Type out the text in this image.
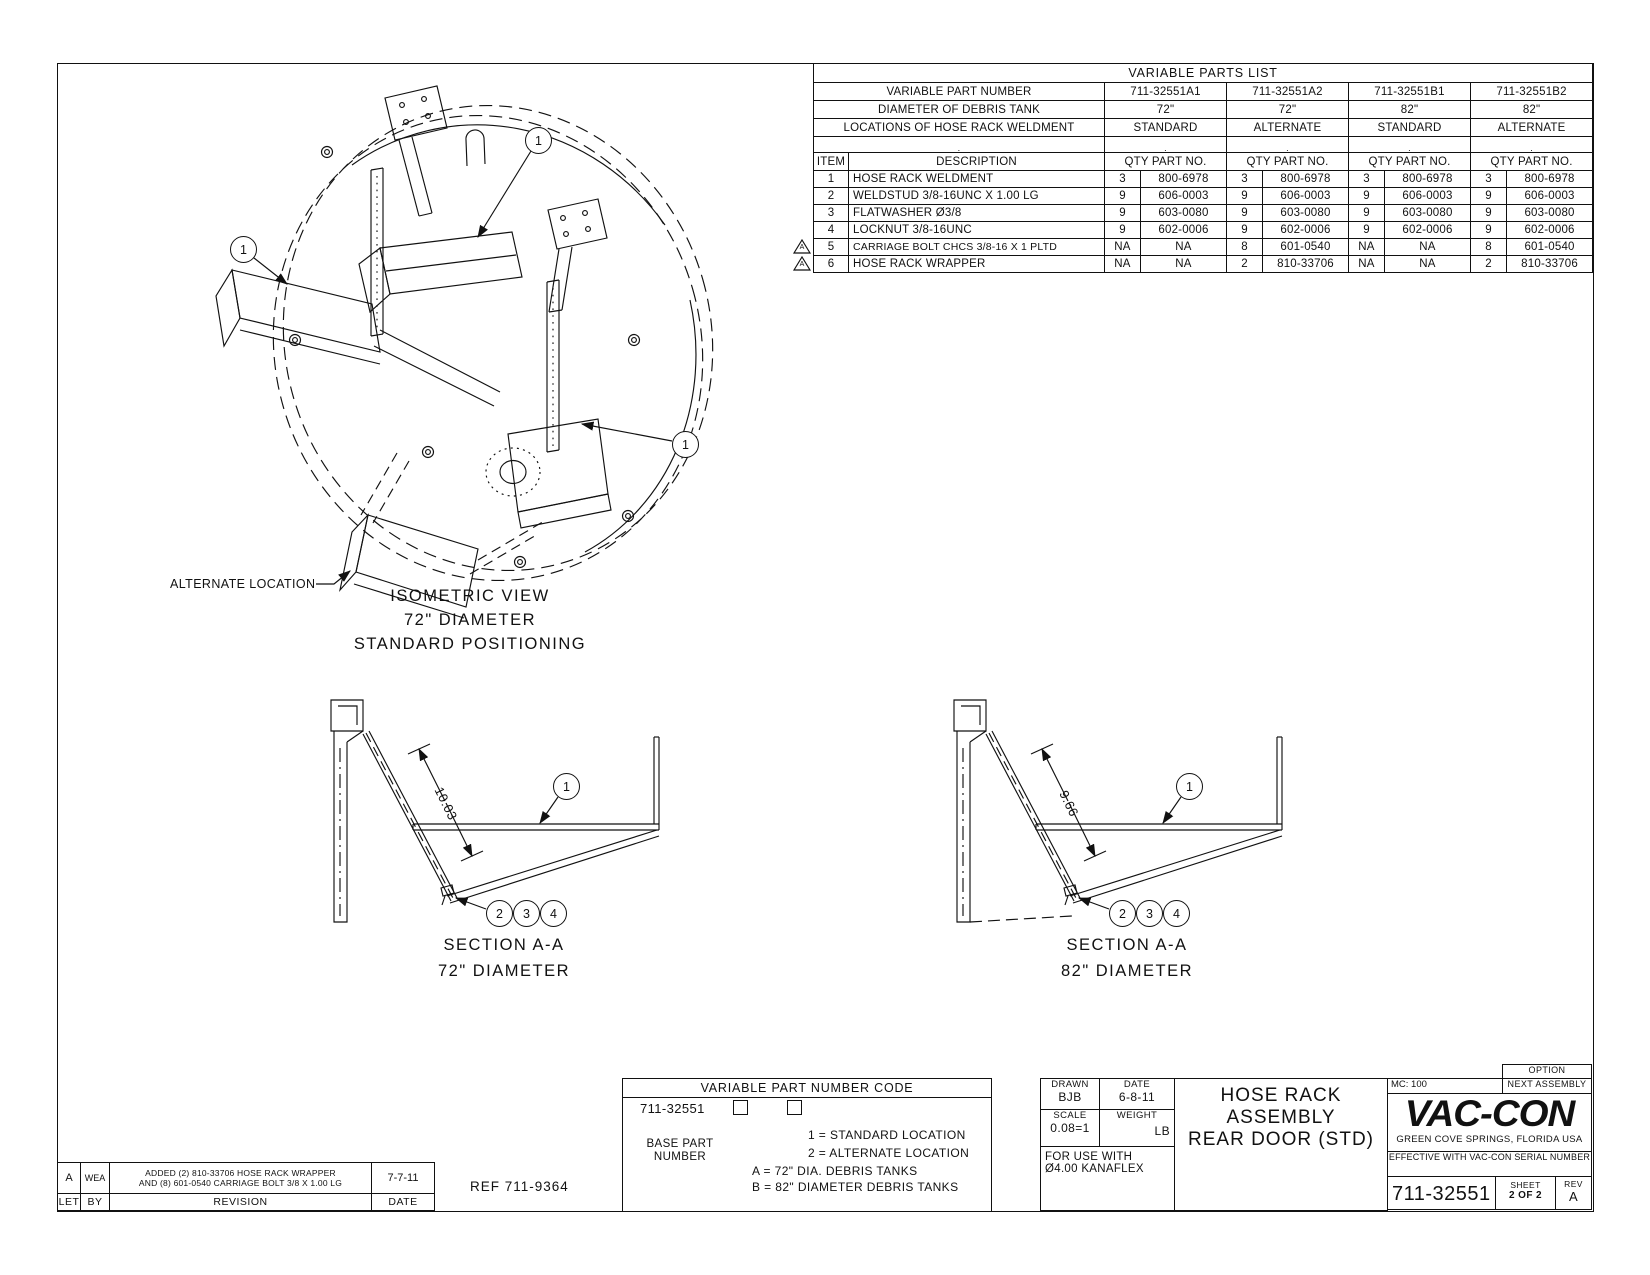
VARIABLE PARTS LIST									
VARIABLE PART NUMBER		711-32551A1		711-32551A2		711-32551B1		711-32551B2	
DIAMETER OF DEBRIS TANK		72"		72"		82"		82"	
LOCATIONS OF HOSE RACK WELDMENT		STANDARD		ALTERNATE		STANDARD		ALTERNATE	
.		.		.		.		.	
ITEM	DESCRIPTION	QTY PART NO.		QTY PART NO.		QTY PART NO.		QTY PART NO.	
1	HOSE RACK WELDMENT	3	800-6978	3	800-6978	3	800-6978	3	800-6978
2	WELDSTUD 3/8-16UNC X 1.00 LG	9	606-0003	9	606-0003	9	606-0003	9	606-0003
3	FLATWASHER Ø3/8	9	603-0080	9	603-0080	9	603-0080	9	603-0080
4	LOCKNUT 3/8-16UNC	9	602-0006	9	602-0006	9	602-0006	9	602-0006
5	CARRIAGE BOLT CHCS 3/8-16 X 1 PLTD	NA	NA	8	601-0540	NA	NA	8	601-0540
6	HOSE RACK WRAPPER	NA	NA	2	810-33706	NA	NA	2	810-33706
A
A
1
1
1
ALTERNATE LOCATION
ISOMETRIC VIEW
72" DIAMETER
STANDARD POSITIONING
10.03	1
2	3	4
SECTION A-A
72" DIAMETER
9.66
1
2	3	4
SECTION A-A
82" DIAMETER
A	WEA	ADDED (2) 810-33706 HOSE RACK WRAPPER
AND (8) 601-0540 CARRIAGE BOLT 3/8 X 1.00 LG	7-7-11
LET	BY	REVISION	DATE
REF 711-9364
VARIABLE PART NUMBER CODE
711-32551
BASE PART
NUMBER
1 = STANDARD LOCATION
2 = ALTERNATE LOCATION
A = 72" DIA. DEBRIS TANKS
B = 82" DIAMETER DEBRIS TANKS
DRAWN
BJB
DATE
6-8-11
SCALE
0.08=1
WEIGHT
LB
FOR USE WITH
Ø4.00 KANAFLEX
HOSE RACK
ASSEMBLY
REAR DOOR (STD)
MC: 100
OPTION
NEXT ASSEMBLY
VAC-CON
GREEN COVE SPRINGS, FLORIDA USA
EFFECTIVE WITH VAC-CON SERIAL NUMBER
711-32551	SHEET
2 OF 2
REV
A
